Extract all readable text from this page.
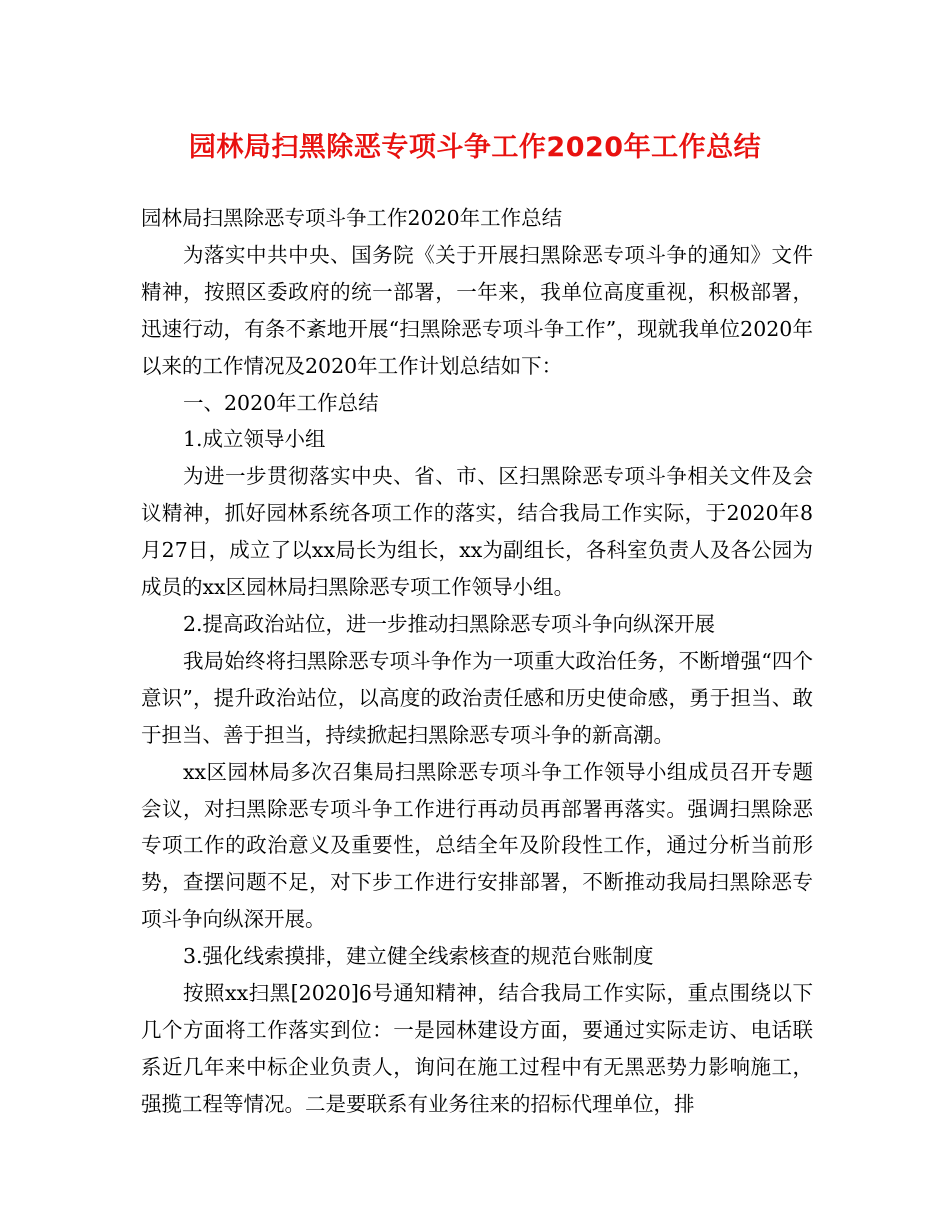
园林局扫黑除恶专项斗争工作2020年工作总结

园林局扫黑除恶专项斗争工作2020年工作总结

为落实中共中央、国务院《关于开展扫黑除恶专项斗争的通知》文件精神，按照区委政府的统一部署，一年来，我单位高度重视，积极部署，迅速行动，有条不紊地开展“扫黑除恶专项斗争工作”，现就我单位2020年以来的工作情况及2020年工作计划总结如下：

一、2020年工作总结

1.成立领导小组

为进一步贯彻落实中央、省、市、区扫黑除恶专项斗争相关文件及会议精神，抓好园林系统各项工作的落实，结合我局工作实际，于2020年8月27日，成立了以xx局长为组长，xx为副组长，各科室负责人及各公园为成员的xx区园林局扫黑除恶专项工作领导小组。

2.提高政治站位，进一步推动扫黑除恶专项斗争向纵深开展

我局始终将扫黑除恶专项斗争作为一项重大政治任务，不断增强“四个意识”，提升政治站位，以高度的政治责任感和历史使命感，勇于担当、敢于担当、善于担当，持续掀起扫黑除恶专项斗争的新高潮。

xx区园林局多次召集局扫黑除恶专项斗争工作领导小组成员召开专题会议，对扫黑除恶专项斗争工作进行再动员再部署再落实。强调扫黑除恶专项工作的政治意义及重要性，总结全年及阶段性工作，通过分析当前形势，查摆问题不足，对下步工作进行安排部署，不断推动我局扫黑除恶专项斗争向纵深开展。

3.强化线索摸排，建立健全线索核查的规范台账制度

按照xx扫黑[2020]6号通知精神，结合我局工作实际，重点围绕以下几个方面将工作落实到位：一是园林建设方面，要通过实际走访、电话联系近几年来中标企业负责人，询问在施工过程中有无黑恶势力影响施工，强揽工程等情况。二是要联系有业务往来的招标代理单位，排
